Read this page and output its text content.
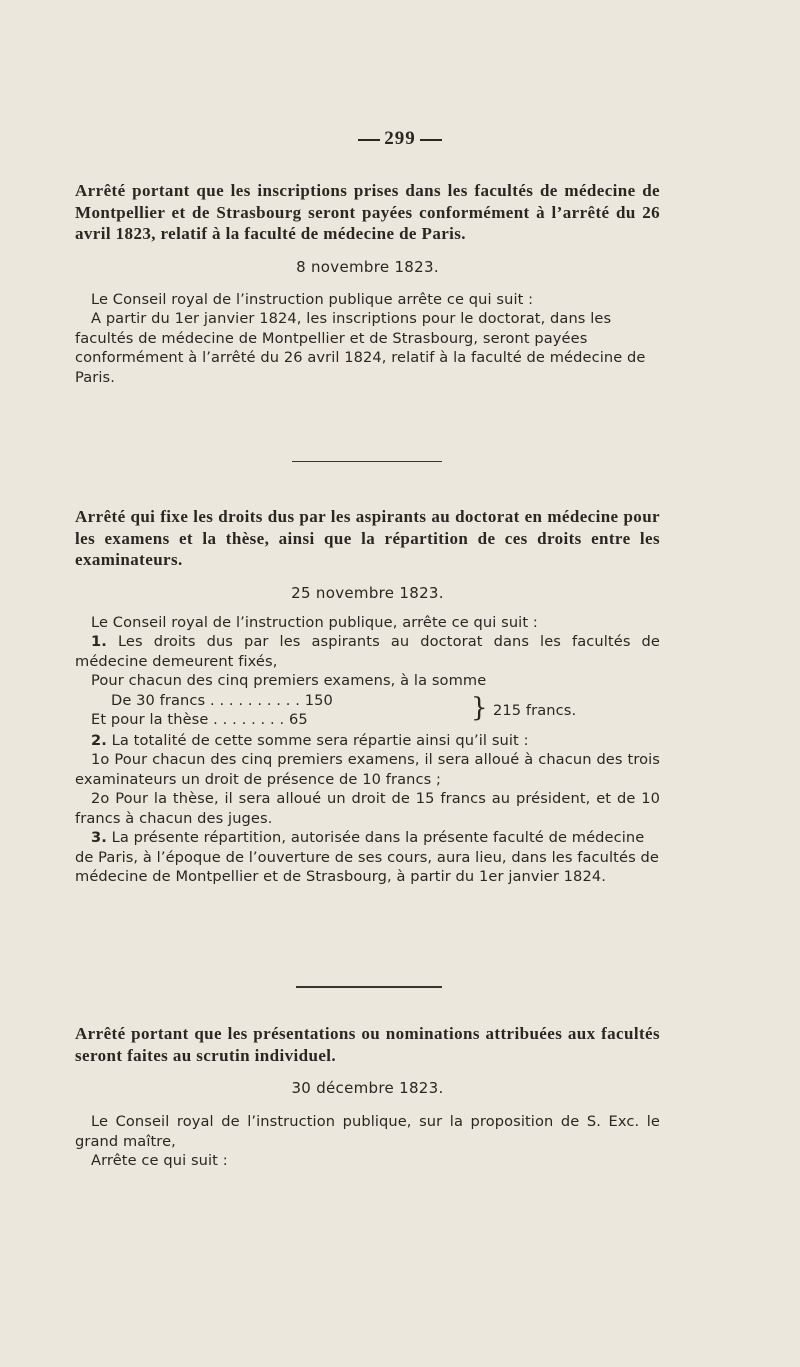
299
Arrêté portant que les inscriptions prises dans les facultés de médecine de Montpellier et de Strasbourg seront payées conformément à l’arrêté du 26 avril 1823, relatif à la faculté de médecine de Paris.
8 novembre 1823.

Le Conseil royal de l’instruction publique arrête ce qui suit :

A partir du 1er janvier 1824, les inscriptions pour le doctorat, dans les facultés de médecine de Montpellier et de Strasbourg, seront payées conformément à l’arrêté du 26 avril 1824, relatif à la faculté de médecine de Paris.

Arrêté qui fixe les droits dus par les aspirants au doctorat en médecine pour les examens et la thèse, ainsi que la répartition de ces droits entre les examinateurs.
25 novembre 1823.

Le Conseil royal de l’instruction publique, arrête ce qui suit :

1. Les droits dus par les aspirants au doctorat dans les facultés de médecine demeurent fixés,

Pour chacun des cinq premiers examens, à la somme

De 30 francs . . . . . . . . . . 150
Et pour la thèse . . . . . . . . 65	} 215 francs.

2. La totalité de cette somme sera répartie ainsi qu’il suit :

1o Pour chacun des cinq premiers examens, il sera alloué à chacun des trois examinateurs un droit de présence de 10 francs ;

2o Pour la thèse, il sera alloué un droit de 15 francs au président, et de 10 francs à chacun des juges.

3. La présente répartition, autorisée dans la présente faculté de médecine de Paris, à l’époque de l’ouverture de ses cours, aura lieu, dans les facultés de médecine de Montpellier et de Strasbourg, à partir du 1er janvier 1824.

Arrêté portant que les présentations ou nominations attribuées aux facultés seront faites au scrutin individuel.
30 décembre 1823.

Le Conseil royal de l’instruction publique, sur la proposition de S. Exc. le grand maître,

Arrête ce qui suit :
